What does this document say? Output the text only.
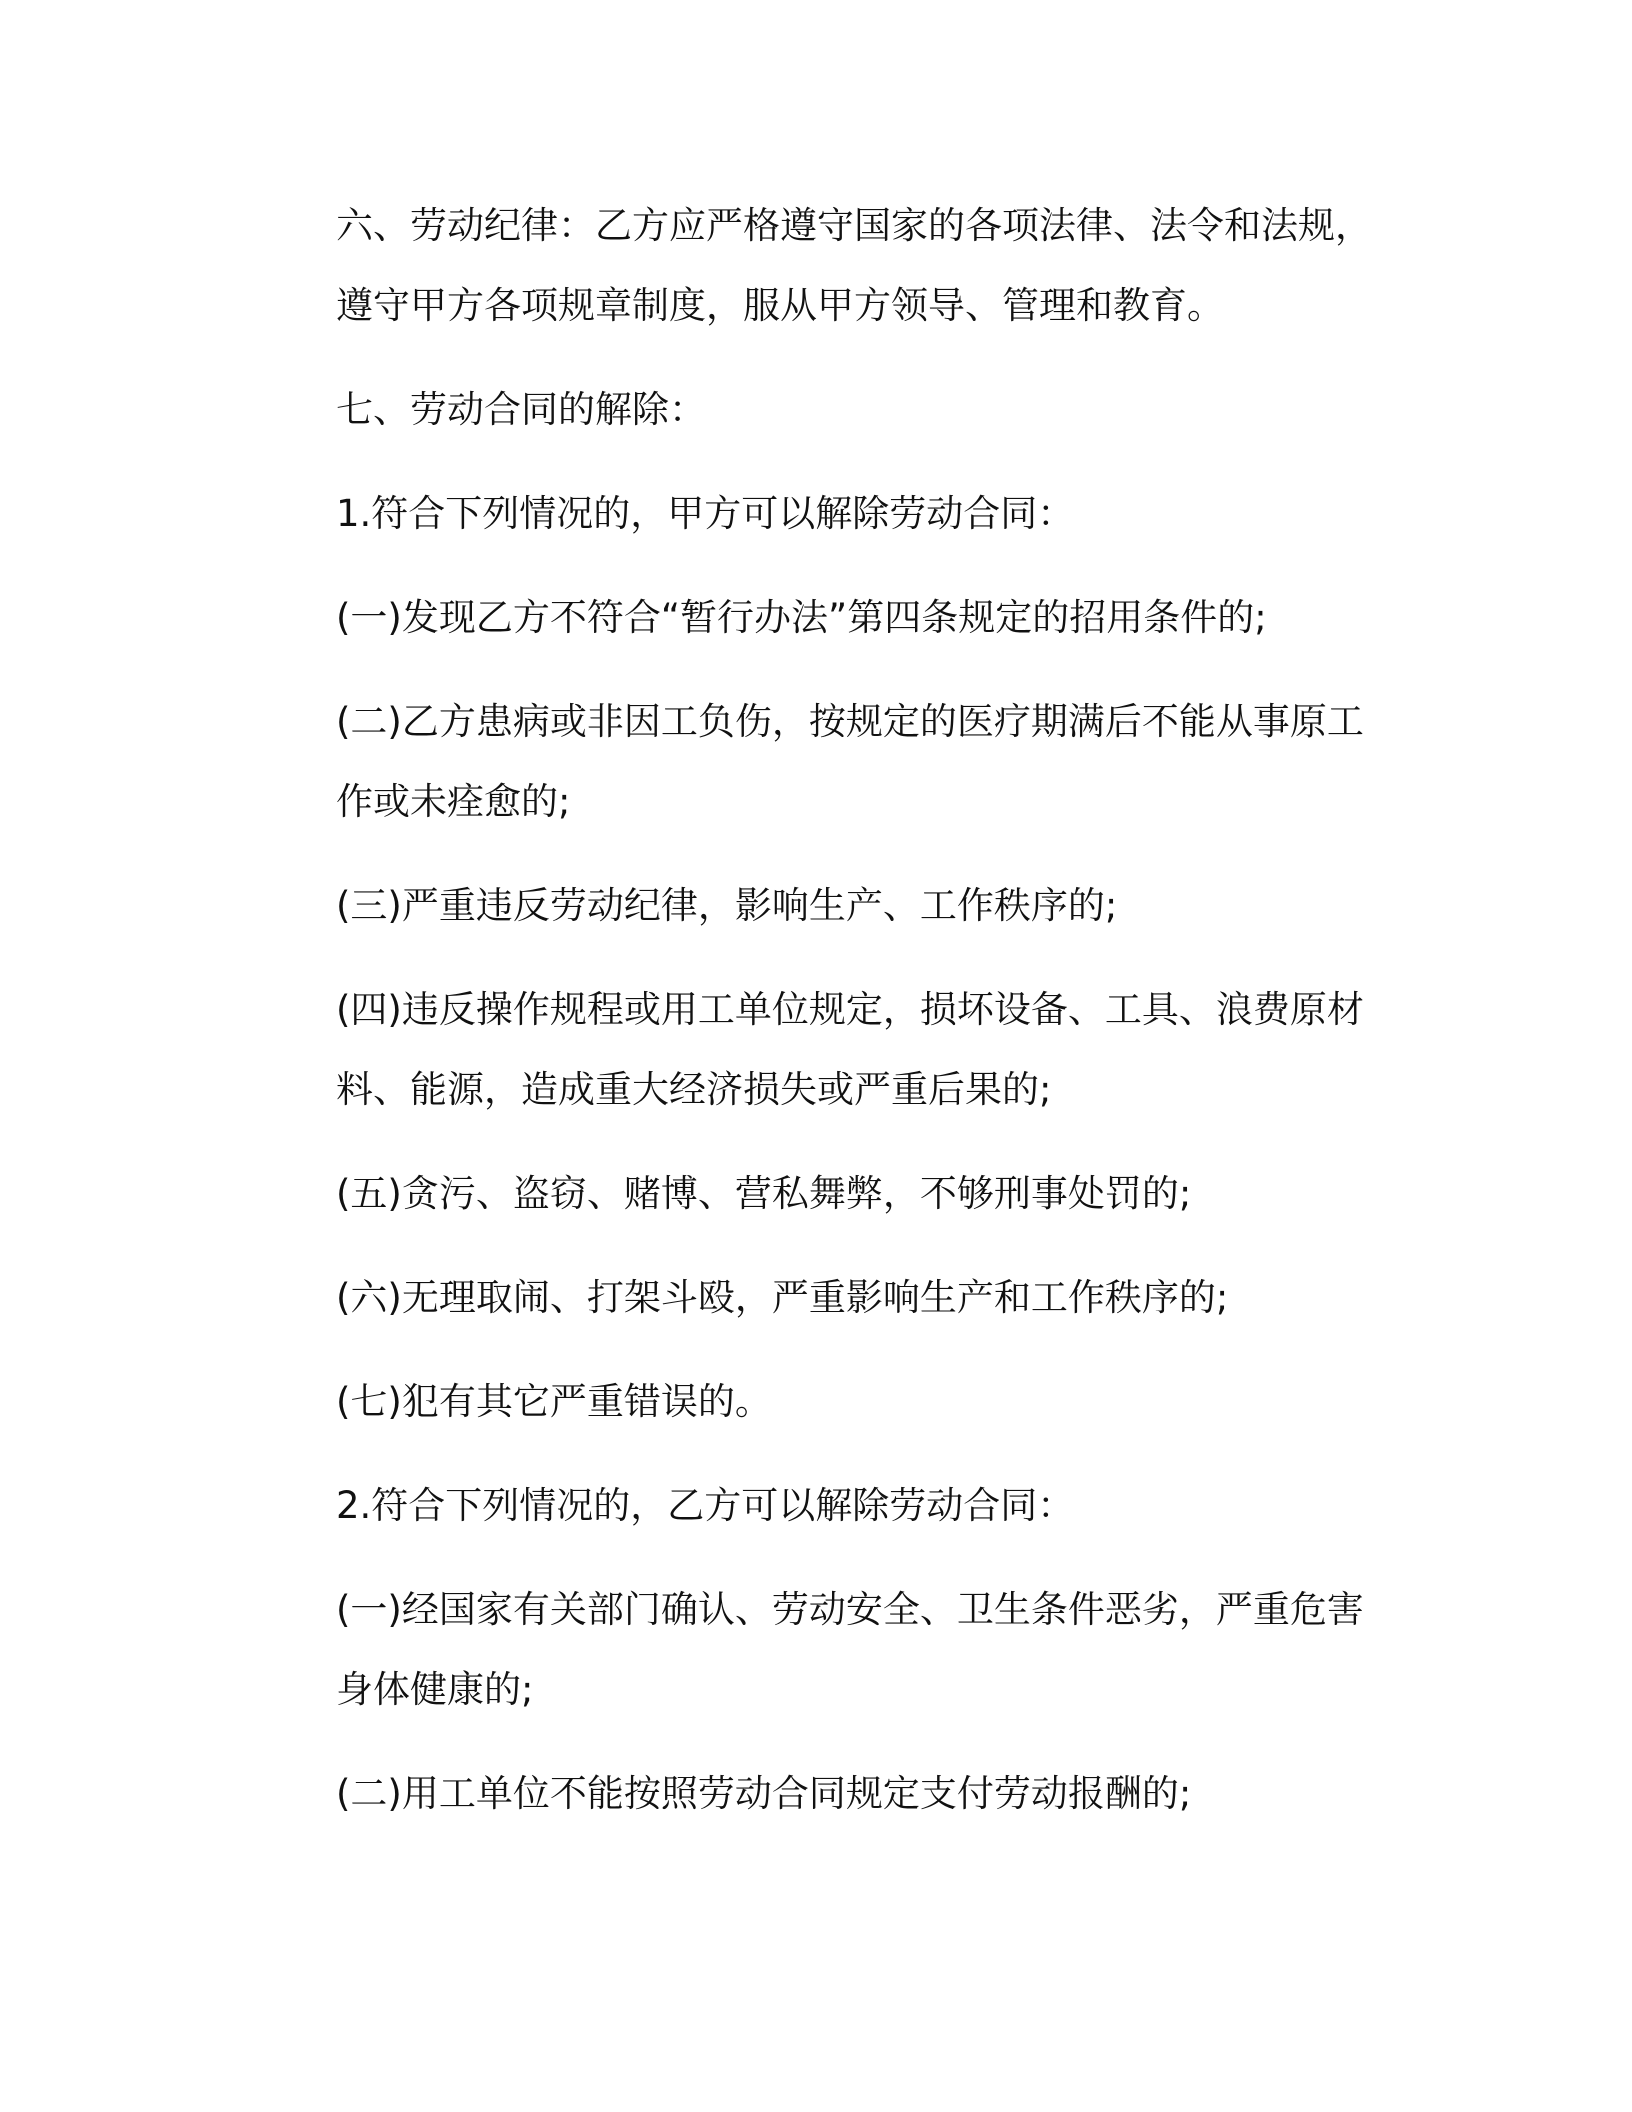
六、劳动纪律：乙方应严格遵守国家的各项法律、法令和法规，
遵守甲方各项规章制度，服从甲方领导、管理和教育。

七、劳动合同的解除：

1.符合下列情况的，甲方可以解除劳动合同：

(一)发现乙方不符合“暂行办法”第四条规定的招用条件的;

(二)乙方患病或非因工负伤，按规定的医疗期满后不能从事原工
作或未痊愈的;

(三)严重违反劳动纪律，影响生产、工作秩序的;

(四)违反操作规程或用工单位规定，损坏设备、工具、浪费原材
料、能源，造成重大经济损失或严重后果的;

(五)贪污、盗窃、赌博、营私舞弊，不够刑事处罚的;

(六)无理取闹、打架斗殴，严重影响生产和工作秩序的;

(七)犯有其它严重错误的。

2.符合下列情况的，乙方可以解除劳动合同：

(一)经国家有关部门确认、劳动安全、卫生条件恶劣，严重危害
身体健康的;

(二)用工单位不能按照劳动合同规定支付劳动报酬的;
